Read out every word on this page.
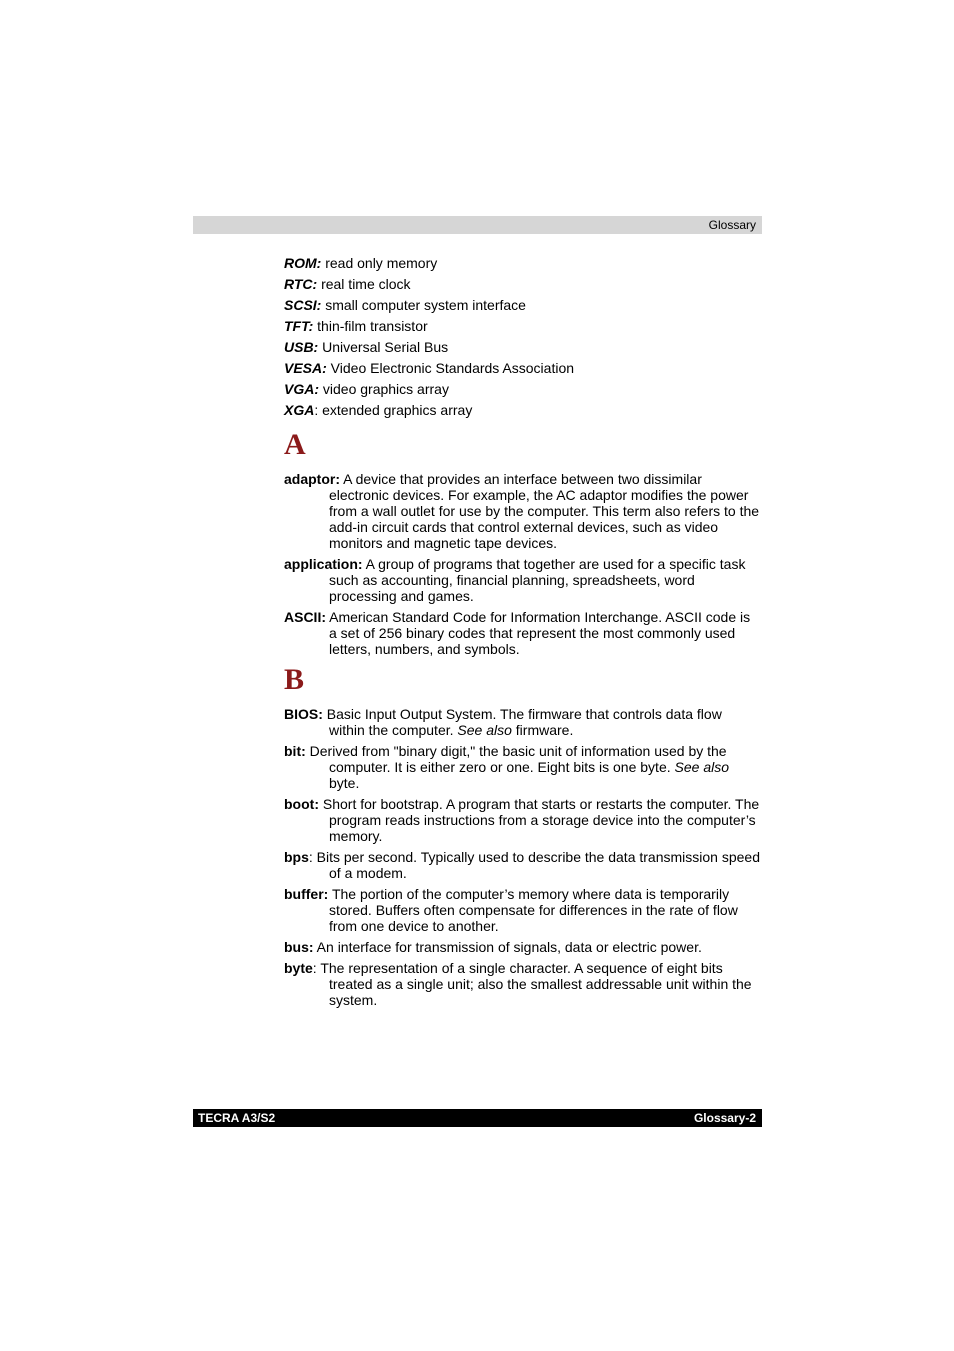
Glossary
ROM: read only memory
RTC: real time clock
SCSI: small computer system interface
TFT: thin-film transistor
USB: Universal Serial Bus
VESA: Video Electronic Standards Association
VGA: video graphics array
XGA: extended graphics array
A

adaptor: A device that provides an interface between two dissimilar electronic devices. For example, the AC adaptor modifies the power from a wall outlet for use by the computer. This term also refers to the add-in circuit cards that control external devices, such as video monitors and magnetic tape devices.

application: A group of programs that together are used for a specific task such as accounting, financial planning, spreadsheets, word processing and games.

ASCII: American Standard Code for Information Interchange. ASCII code is a set of 256 binary codes that represent the most commonly used letters, numbers, and symbols.

B

BIOS: Basic Input Output System. The firmware that controls data flow within the computer. See also firmware.

bit: Derived from "binary digit," the basic unit of information used by the computer. It is either zero or one. Eight bits is one byte. See also byte.

boot: Short for bootstrap. A program that starts or restarts the computer. The program reads instructions from a storage device into the computer’s memory.

bps: Bits per second. Typically used to describe the data transmission speed of a modem.

buffer: The portion of the computer’s memory where data is temporarily stored. Buffers often compensate for differences in the rate of flow from one device to another.

bus: An interface for transmission of signals, data or electric power.

byte: The representation of a single character. A sequence of eight bits treated as a single unit; also the smallest addressable unit within the system.

TECRA A3/S2	Glossary-2
